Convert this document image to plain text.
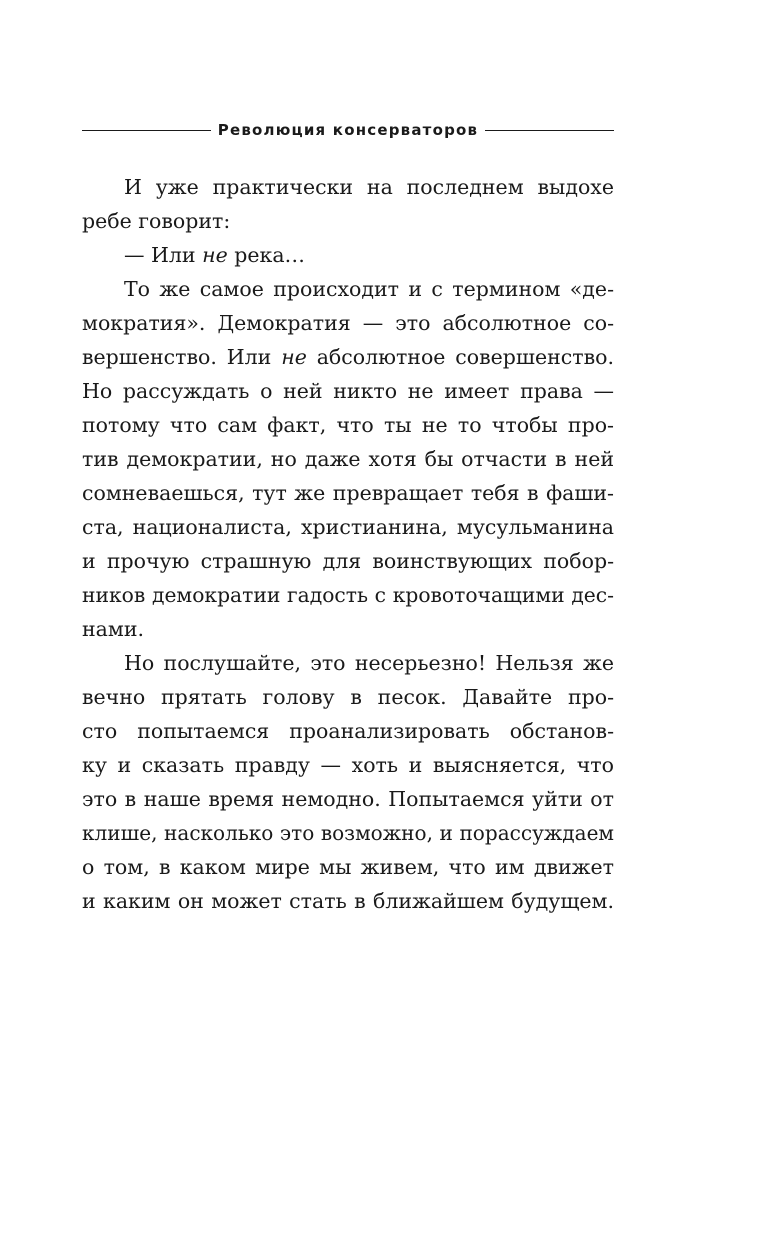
Революция консерваторов
И уже практически на последнем выдохе
ребе говорит:
— Или не река…
То же самое происходит и с термином «де-
мократия». Демократия — это абсолютное со-
вершенство. Или не абсолютное совершенство.
Но рассуждать о ней никто не имеет права —
потому что сам факт, что ты не то чтобы про-
тив демократии, но даже хотя бы отчасти в ней
сомневаешься, тут же превращает тебя в фаши-
ста, националиста, христианина, мусульманина
и прочую страшную для воинствующих побор-
ников демократии гадость с кровоточащими дес-
нами.
Но послушайте, это несерьезно! Нельзя же
вечно прятать голову в песок. Давайте про-
сто попытаемся проанализировать обстанов-
ку и сказать правду — хоть и выясняется, что
это в наше время немодно. Попытаемся уйти от
клише, насколько это возможно, и порассуждаем
о том, в каком мире мы живем, что им движет
и каким он может стать в ближайшем будущем.
